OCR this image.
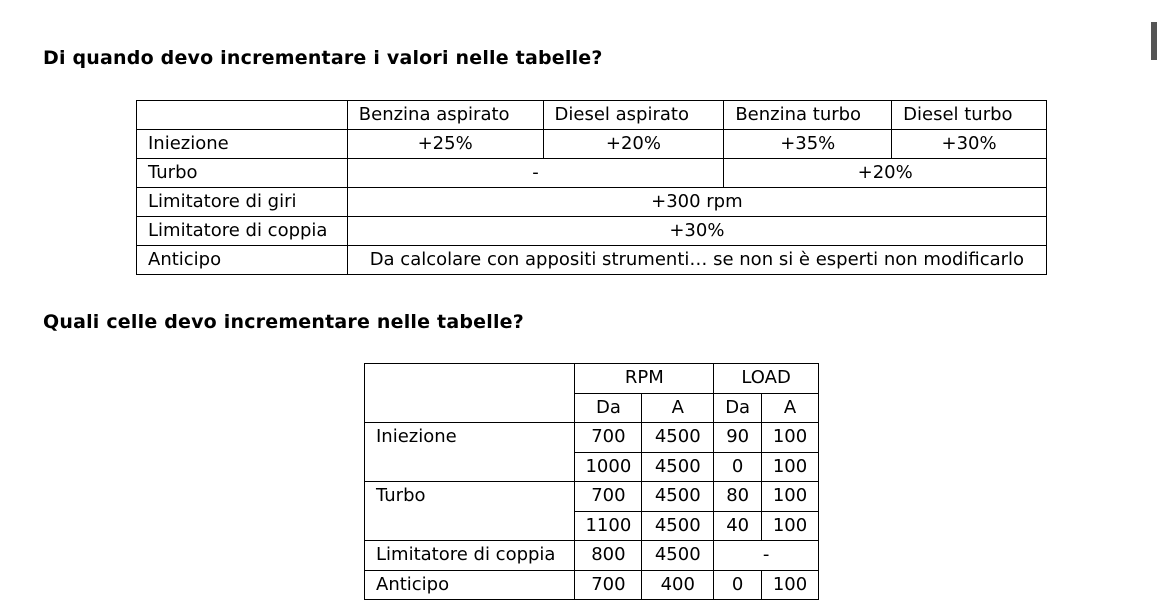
Di quando devo incrementare i valori nelle tabelle?
	Benzina aspirato	Diesel aspirato	Benzina turbo	Diesel turbo
Iniezione	+25%	+20%	+35%	+30%
Turbo	-		+20%	
Limitatore di giri	+300 rpm			
Limitatore di coppia	+30%			
Anticipo	Da calcolare con appositi strumenti… se non si è esperti non modificarlo			
Quali celle devo incrementare nelle tabelle?
	RPM		LOAD	
	Da	A	Da	A
Iniezione	700	4500	90	100
	1000	4500	0	100
Turbo	700	4500	80	100
	1100	4500	40	100
Limitatore di coppia	800	4500	-	
Anticipo	700	400	0	100
